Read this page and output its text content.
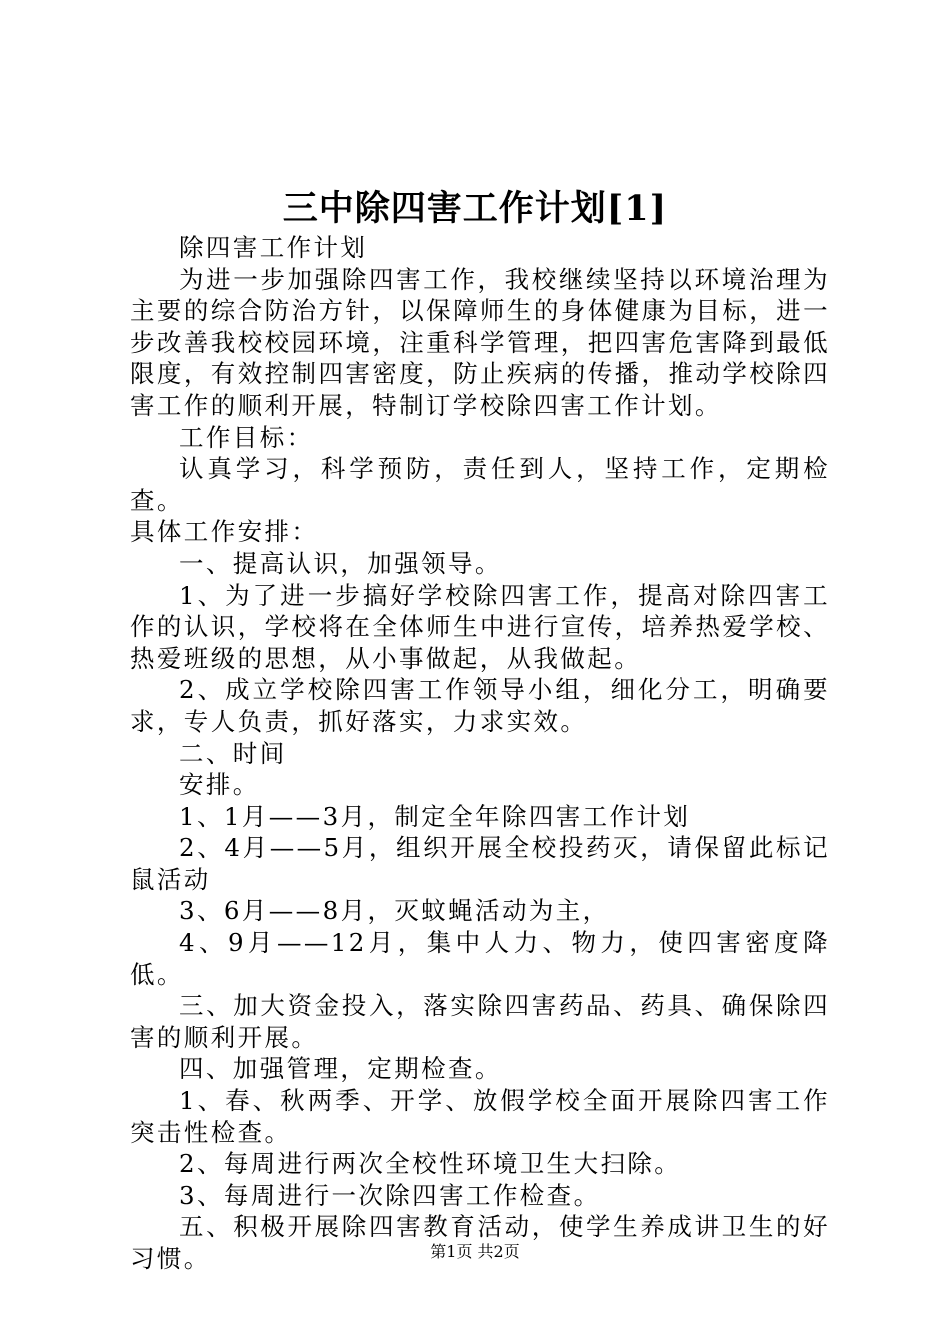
三中除四害工作计划[1]

除四害工作计划

为进一步加强除四害工作，我校继续坚持以环境治理为主要的综合防治方针，以保障师生的身体健康为目标，进一步改善我校校园环境，注重科学管理，把四害危害降到最低限度，有效控制四害密度，防止疾病的传播，推动学校除四害工作的顺利开展，特制订学校除四害工作计划。

工作目标：

认真学习，科学预防，责任到人，坚持工作，定期检查。

具体工作安排：

一、提高认识，加强领导。

1、为了进一步搞好学校除四害工作，提高对除四害工作的认识，学校将在全体师生中进行宣传，培养热爱学校、热爱班级的思想，从小事做起，从我做起。

2、成立学校除四害工作领导小组，细化分工，明确要求，专人负责，抓好落实，力求实效。

二、时间

安排。

1、1月——3月，制定全年除四害工作计划

2、4月——5月，组织开展全校投药灭，请保留此标记鼠活动

3、6月——8月，灭蚊蝇活动为主，

4、9月——12月，集中人力、物力，使四害密度降低。

三、加大资金投入，落实除四害药品、药具、确保除四害的顺利开展。

四、加强管理，定期检查。

1、春、秋两季、开学、放假学校全面开展除四害工作突击性检查。

2、每周进行两次全校性环境卫生大扫除。

3、每周进行一次除四害工作检查。

五、积极开展除四害教育活动，使学生养成讲卫生的好习惯。	第1页 共2页
